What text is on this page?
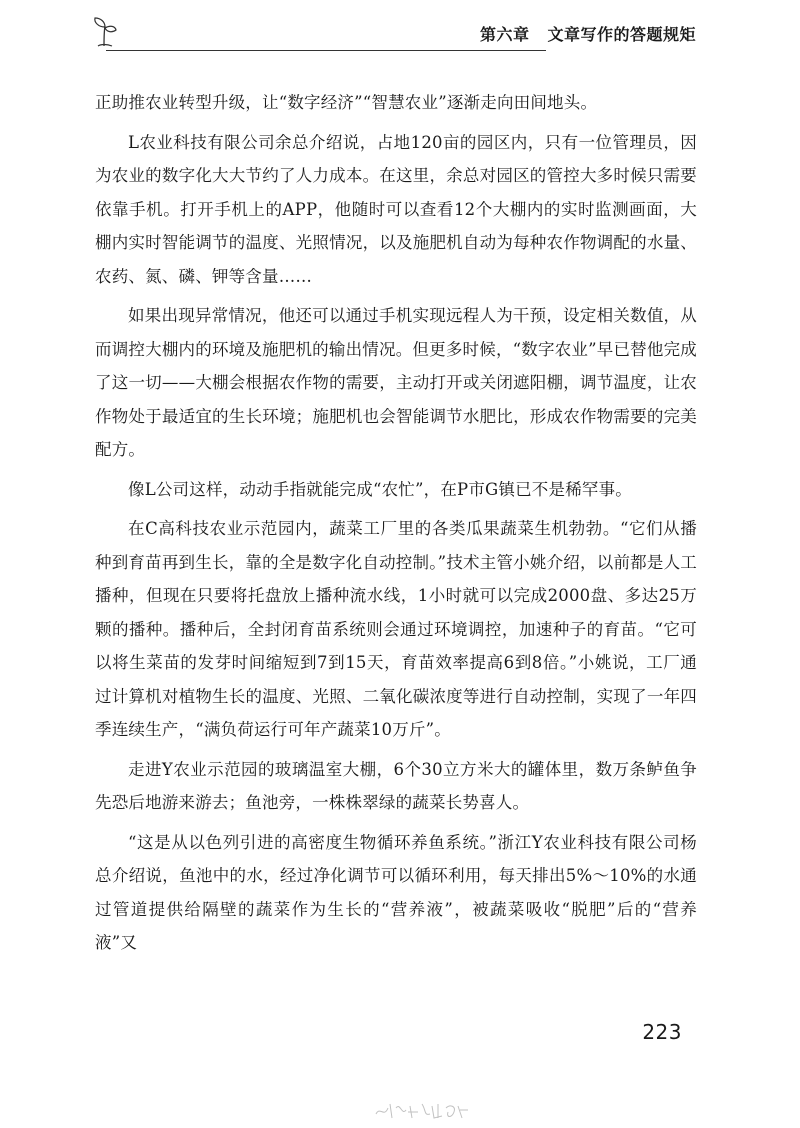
第六章 文章写作的答题规矩

正助推农业转型升级，让“数字经济”“智慧农业”逐渐走向田间地头。

L农业科技有限公司余总介绍说，占地120亩的园区内，只有一位管理员，因为农业的数字化大大节约了人力成本。在这里，余总对园区的管控大多时候只需要依靠手机。打开手机上的APP，他随时可以查看12个大棚内的实时监测画面，大棚内实时智能调节的温度、光照情况，以及施肥机自动为每种农作物调配的水量、农药、氮、磷、钾等含量……

如果出现异常情况，他还可以通过手机实现远程人为干预，设定相关数值，从而调控大棚内的环境及施肥机的输出情况。但更多时候，“数字农业”早已替他完成了这一切——大棚会根据农作物的需要，主动打开或关闭遮阳棚，调节温度，让农作物处于最适宜的生长环境；施肥机也会智能调节水肥比，形成农作物需要的完美配方。

像L公司这样，动动手指就能完成“农忙”，在P市G镇已不是稀罕事。

在C高科技农业示范园内，蔬菜工厂里的各类瓜果蔬菜生机勃勃。“它们从播种到育苗再到生长，靠的全是数字化自动控制。”技术主管小姚介绍，以前都是人工播种，但现在只要将托盘放上播种流水线，1小时就可以完成2000盘、多达25万颗的播种。播种后，全封闭育苗系统则会通过环境调控，加速种子的育苗。“它可以将生菜苗的发芽时间缩短到7到15天，育苗效率提高6到8倍。”小姚说，工厂通过计算机对植物生长的温度、光照、二氧化碳浓度等进行自动控制，实现了一年四季连续生产，“满负荷运行可年产蔬菜10万斤”。

走进Y农业示范园的玻璃温室大棚，6个30立方米大的罐体里，数万条鲈鱼争先恐后地游来游去；鱼池旁，一株株翠绿的蔬菜长势喜人。

“这是从以色列引进的高密度生物循环养鱼系统。”浙江Y农业科技有限公司杨总介绍说，鱼池中的水，经过净化调节可以循环利用，每天排出5%～10%的水通过管道提供给隔壁的蔬菜作为生长的“营养液”，被蔬菜吸收“脱肥”后的“营养液”又

223
